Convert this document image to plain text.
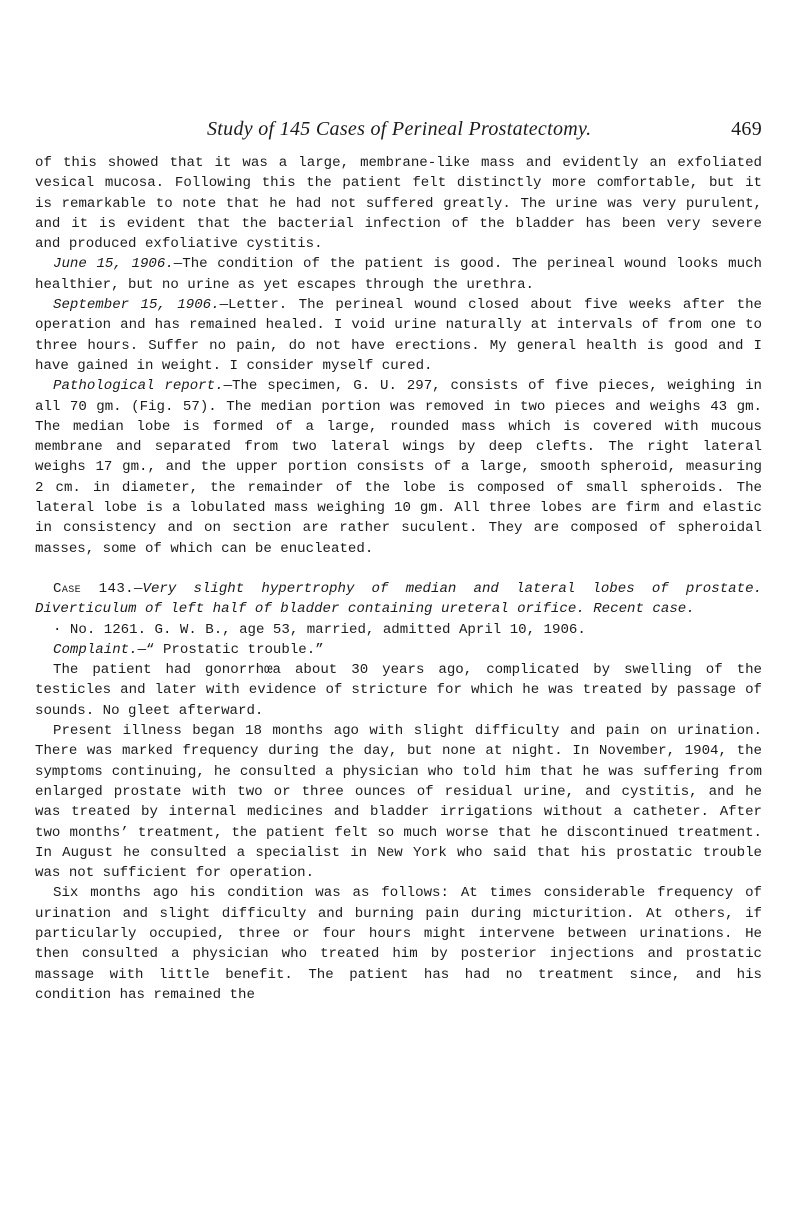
Study of 145 Cases of Perineal Prostatectomy.	469

of this showed that it was a large, membrane-like mass and evidently an exfoliated vesical mucosa. Following this the patient felt distinctly more comfortable, but it is remarkable to note that he had not suffered greatly. The urine was very purulent, and it is evident that the bacterial infection of the bladder has been very severe and produced exfoliative cystitis.

June 15, 1906.—The condition of the patient is good. The perineal wound looks much healthier, but no urine as yet escapes through the urethra.

September 15, 1906.—Letter. The perineal wound closed about five weeks after the operation and has remained healed. I void urine naturally at intervals of from one to three hours. Suffer no pain, do not have erections. My general health is good and I have gained in weight. I consider myself cured.

Pathological report.—The specimen, G. U. 297, consists of five pieces, weighing in all 70 gm. (Fig. 57). The median portion was removed in two pieces and weighs 43 gm. The median lobe is formed of a large, rounded mass which is covered with mucous membrane and separated from two lateral wings by deep clefts. The right lateral weighs 17 gm., and the upper portion consists of a large, smooth spheroid, measuring 2 cm. in diameter, the remainder of the lobe is composed of small spheroids. The lateral lobe is a lobulated mass weighing 10 gm. All three lobes are firm and elastic in consistency and on section are rather suculent. They are composed of spheroidal masses, some of which can be enucleated.

Case 143.—Very slight hypertrophy of median and lateral lobes of prostate. Diverticulum of left half of bladder containing ureteral orifice. Recent case.

· No. 1261. G. W. B., age 53, married, admitted April 10, 1906.

Complaint.—“ Prostatic trouble.”

The patient had gonorrhœa about 30 years ago, complicated by swelling of the testicles and later with evidence of stricture for which he was treated by passage of sounds. No gleet afterward.

Present illness began 18 months ago with slight difficulty and pain on urination. There was marked frequency during the day, but none at night. In November, 1904, the symptoms continuing, he consulted a physician who told him that he was suffering from enlarged prostate with two or three ounces of residual urine, and cystitis, and he was treated by internal medicines and bladder irrigations without a catheter. After two months’ treatment, the patient felt so much worse that he discontinued treatment. In August he consulted a specialist in New York who said that his prostatic trouble was not sufficient for operation.

Six months ago his condition was as follows: At times considerable frequency of urination and slight difficulty and burning pain during micturition. At others, if particularly occupied, three or four hours might intervene between urinations. He then consulted a physician who treated him by posterior injections and prostatic massage with little benefit. The patient has had no treatment since, and his condition has remained the
